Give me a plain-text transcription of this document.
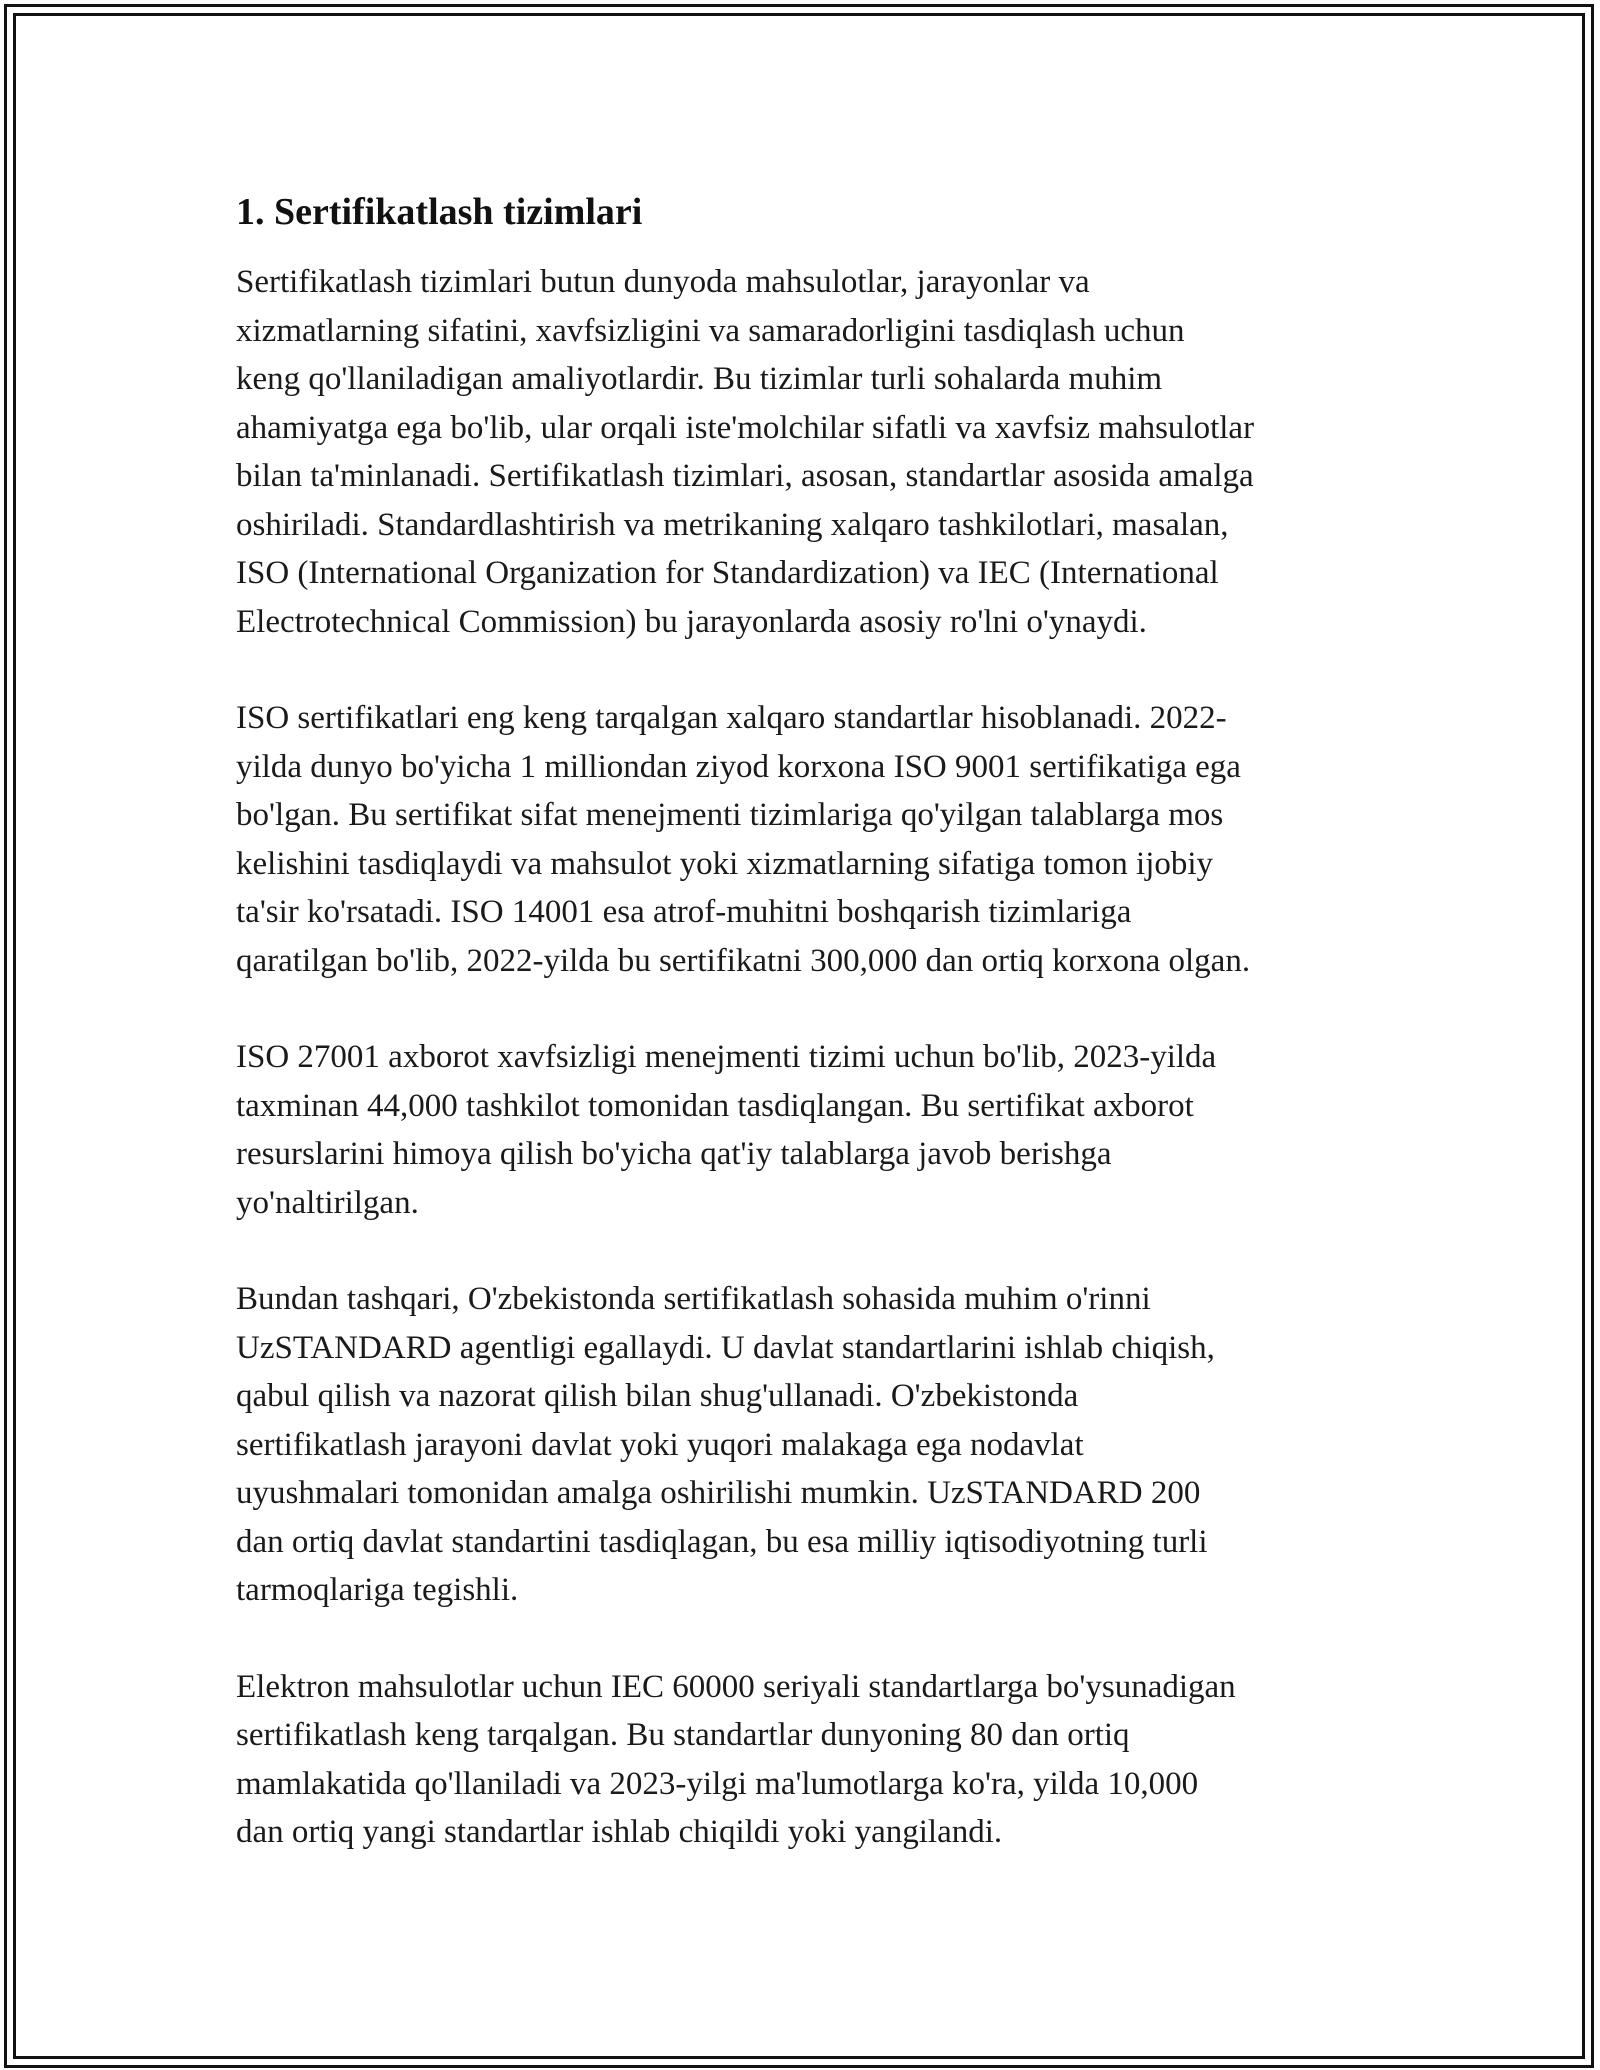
1. Sertifikatlash tizimlari

Sertifikatlash tizimlari butun dunyoda mahsulotlar, jarayonlar va
xizmatlarning sifatini, xavfsizligini va samaradorligini tasdiqlash uchun
keng qo'llaniladigan amaliyotlardir. Bu tizimlar turli sohalarda muhim
ahamiyatga ega bo'lib, ular orqali iste'molchilar sifatli va xavfsiz mahsulotlar
bilan ta'minlanadi. Sertifikatlash tizimlari, asosan, standartlar asosida amalga
oshiriladi. Standardlashtirish va metrikaning xalqaro tashkilotlari, masalan,
ISO (International Organization for Standardization) va IEC (International
Electrotechnical Commission) bu jarayonlarda asosiy ro'lni o'ynaydi.

ISO sertifikatlari eng keng tarqalgan xalqaro standartlar hisoblanadi. 2022-
yilda dunyo bo'yicha 1 milliondan ziyod korxona ISO 9001 sertifikatiga ega
bo'lgan. Bu sertifikat sifat menejmenti tizimlariga qo'yilgan talablarga mos
kelishini tasdiqlaydi va mahsulot yoki xizmatlarning sifatiga tomon ijobiy
ta'sir ko'rsatadi. ISO 14001 esa atrof-muhitni boshqarish tizimlariga
qaratilgan bo'lib, 2022-yilda bu sertifikatni 300,000 dan ortiq korxona olgan.

ISO 27001 axborot xavfsizligi menejmenti tizimi uchun bo'lib, 2023-yilda
taxminan 44,000 tashkilot tomonidan tasdiqlangan. Bu sertifikat axborot
resurslarini himoya qilish bo'yicha qat'iy talablarga javob berishga
yo'naltirilgan.

Bundan tashqari, O'zbekistonda sertifikatlash sohasida muhim o'rinni
UzSTANDARD agentligi egallaydi. U davlat standartlarini ishlab chiqish,
qabul qilish va nazorat qilish bilan shug'ullanadi. O'zbekistonda
sertifikatlash jarayoni davlat yoki yuqori malakaga ega nodavlat
uyushmalari tomonidan amalga oshirilishi mumkin. UzSTANDARD 200
dan ortiq davlat standartini tasdiqlagan, bu esa milliy iqtisodiyotning turli
tarmoqlariga tegishli.

Elektron mahsulotlar uchun IEC 60000 seriyali standartlarga bo'ysunadigan
sertifikatlash keng tarqalgan. Bu standartlar dunyoning 80 dan ortiq
mamlakatida qo'llaniladi va 2023-yilgi ma'lumotlarga ko'ra, yilda 10,000
dan ortiq yangi standartlar ishlab chiqildi yoki yangilandi.
